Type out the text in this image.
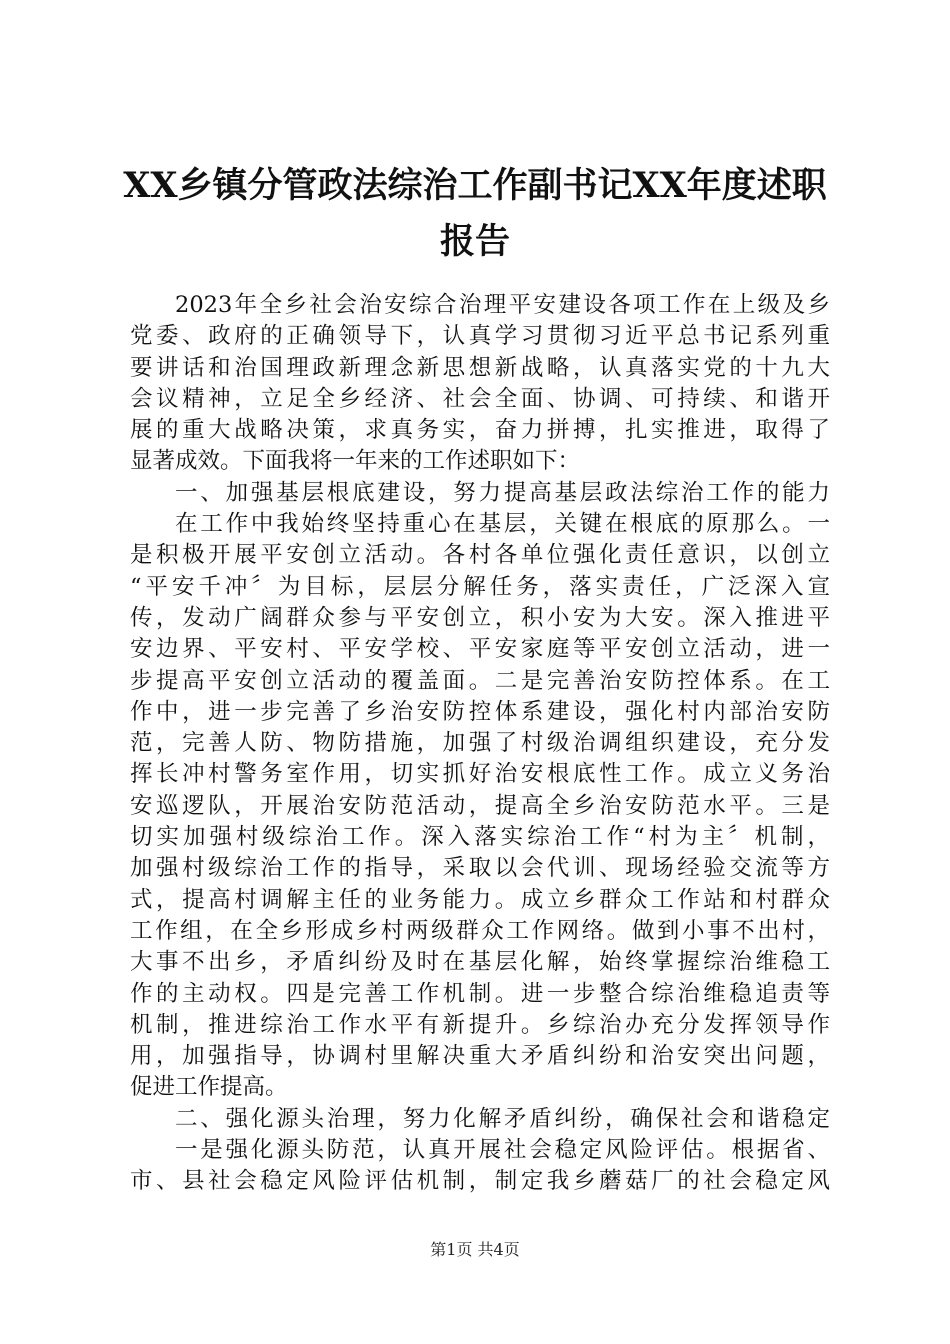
XX乡镇分管政法综治工作副书记XX年度述职
报告
2023年全乡社会治安综合治理平安建设各项工作在上级及乡
党委、政府的正确领导下，认真学习贯彻习近平总书记系列重
要讲话和治国理政新理念新思想新战略，认真落实党的十九大
会议精神，立足全乡经济、社会全面、协调、可持续、和谐开
展的重大战略决策，求真务实，奋力拼搏，扎实推进，取得了
显著成效。下面我将一年来的工作述职如下：
一、加强基层根底建设，努力提高基层政法综治工作的能力
在工作中我始终坚持重心在基层，关键在根底的原那么。一
是积极开展平安创立活动。各村各单位强化责任意识，以创立
“平安千冲〞为目标，层层分解任务，落实责任，广泛深入宣
传，发动广阔群众参与平安创立，积小安为大安。深入推进平
安边界、平安村、平安学校、平安家庭等平安创立活动，进一
步提高平安创立活动的覆盖面。二是完善治安防控体系。在工
作中，进一步完善了乡治安防控体系建设，强化村内部治安防
范，完善人防、物防措施，加强了村级治调组织建设，充分发
挥长冲村警务室作用，切实抓好治安根底性工作。成立义务治
安巡逻队，开展治安防范活动，提高全乡治安防范水平。三是
切实加强村级综治工作。深入落实综治工作“村为主〞机制，
加强村级综治工作的指导，采取以会代训、现场经验交流等方
式，提高村调解主任的业务能力。成立乡群众工作站和村群众
工作组，在全乡形成乡村两级群众工作网络。做到小事不出村，
大事不出乡，矛盾纠纷及时在基层化解，始终掌握综治维稳工
作的主动权。四是完善工作机制。进一步整合综治维稳追责等
机制，推进综治工作水平有新提升。乡综治办充分发挥领导作
用，加强指导，协调村里解决重大矛盾纠纷和治安突出问题，
促进工作提高。
二、强化源头治理，努力化解矛盾纠纷，确保社会和谐稳定
一是强化源头防范，认真开展社会稳定风险评估。根据省、
市、县社会稳定风险评估机制，制定我乡蘑菇厂的社会稳定风
第1页 共4页
